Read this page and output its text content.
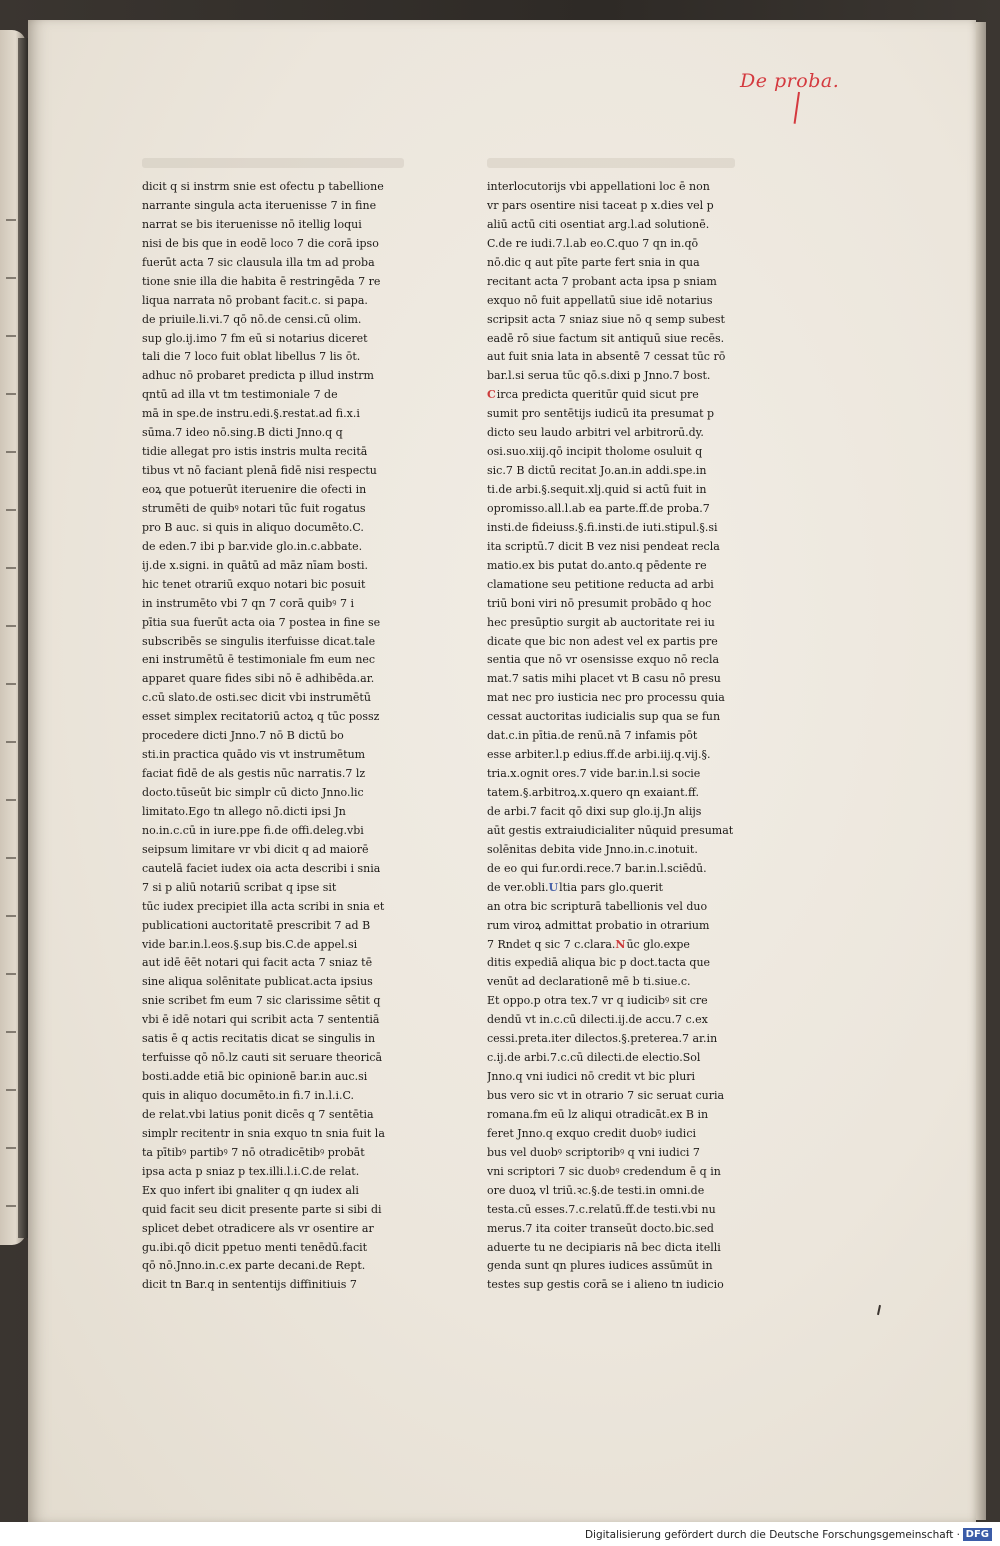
De proba.
dicit q si instrm snie est ofectu p tabellione
narrante singula acta iteruenisse 7 in fine
narrat se bis iteruenisse nō itellig loqui
nisi de bis que in eodē loco 7 die corā ipso
fuerūt acta 7 sic clausula illa tm ad proba
tione snie illa die habita ē restringēda 7 re
liqua narrata nō probant facit.c. si papa.
de priuile.li.vi.7 qō nō.de censi.cū olim.
sup glo.ij.imo 7 fm eū si notarius diceret
tali die 7 loco fuit oblat libellus 7 lis ōt.
adhuc nō probaret predicta p illud instrm
qntū ad illa vt tm testimoniale 7 de
mā in spe.de instru.edi.§.restat.ad fi.x.i
sūma.7 ideo nō.sing.B dicti Jnno.q q
tidie allegat pro istis instris multa recitā
tibus vt nō faciant plenā fidē nisi respectu
eoꝝ que potuerūt iteruenire die ofecti in
strumēti de quibꝰ notari tūc fuit rogatus
pro B auc. si quis in aliquo documēto.C.
de eden.7 ibi p bar.vide glo.in.c.abbate.
ij.de x.signi. in quātū ad māz nīam bosti.
hic tenet otrariū exquo notari bic posuit
in instrumēto vbi 7 qn 7 corā quibꝰ 7 i
pītia sua fuerūt acta oia 7 postea in fine se
subscribēs se singulis iterfuisse dicat.tale
eni instrumētū ē testimoniale fm eum nec
apparet quare fides sibi nō ē adhibēda.ar.
c.cū slato.de osti.sec dicit vbi instrumētū
esset simplex recitatoriū actoꝝ q tūc possz
procedere dicti Jnno.7 nō B dictū bo
sti.in practica quādo vis vt instrumētum
faciat fidē de als gestis nūc narratis.7 lz
docto.tūseūt bic simplr cū dicto Jnno.lic
limitato.Ego tn allego nō.dicti ipsi Jn
no.in.c.cū in iure.ppe fi.de offi.deleg.vbi
seipsum limitare vr vbi dicit q ad maiorē
cautelā faciet iudex oia acta describi i snia
7 si p aliū notariū scribat q ipse sit
tūc iudex precipiet illa acta scribi in snia et
publicationi auctoritatē prescribit 7 ad B
vide bar.in.l.eos.§.sup bis.C.de appel.si
aut idē ēēt notari qui facit acta 7 sniaz tē
sine aliqua solēnitate publicat.acta ipsius
snie scribet fm eum 7 sic clarissime sētit q
vbi ē idē notari qui scribit acta 7 sententiā
satis ē q actis recitatis dicat se singulis in
terfuisse qō nō.lz cauti sit seruare theoricā
bosti.adde etiā bic opinionē bar.in auc.si
quis in aliquo documēto.in fi.7 in.l.i.C.
de relat.vbi latius ponit dicēs q 7 sentētia
simplr recitentr in snia exquo tn snia fuit la
ta pītibꝰ partibꝰ 7 nō otradicētibꝰ probāt
ipsa acta p sniaz p tex.illi.l.i.C.de relat.
Ex quo infert ibi gnaliter q qn iudex ali
quid facit seu dicit presente parte si sibi di
splicet debet otradicere als vr osentire ar
gu.ibi.qō dicit ppetuo menti tenēdū.facit
qō nō.Jnno.in.c.ex parte decani.de Rept.
dicit tn Bar.q in sententijs diffinitiuis 7
interlocutorijs vbi appellationi loc ē non
vr pars osentire nisi taceat p x.dies vel p
aliū actū citi osentiat arg.l.ad solutionē.
C.de re iudi.7.l.ab eo.C.quo 7 qn in.qō
nō.dic q aut pīte parte fert snia in qua
recitant acta 7 probant acta ipsa p sniam
exquo nō fuit appellatū siue idē notarius
scripsit acta 7 sniaz siue nō q semp subest
eadē rō siue factum sit antiquū siue recēs.
aut fuit snia lata in absentē 7 cessat tūc rō
bar.l.si serua tūc qō.s.dixi p Jnno.7 bost.
Circa predicta queritūr quid sicut pre
sumit pro sentētijs iudicū ita presumat p
dicto seu laudo arbitri vel arbitrorū.dy.
osi.suo.xiij.qō incipit tholome osuluit q
sic.7 B dictū recitat Jo.an.in addi.spe.in
ti.de arbi.§.sequit.xlj.quid si actū fuit in
opromisso.all.l.ab ea parte.ff.de proba.7
insti.de fideiuss.§.fi.insti.de iuti.stipul.§.si
ita scriptū.7 dicit B vez nisi pendeat recla
matio.ex bis putat do.anto.q pēdente re
clamatione seu petitione reducta ad arbi
triū boni viri nō presumit probādo q hoc
hec presūptio surgit ab auctoritate rei iu
dicate que bic non adest vel ex partis pre
sentia que nō vr osensisse exquo nō recla
mat.7 satis mihi placet vt B casu nō presu
mat nec pro iusticia nec pro processu quia
cessat auctoritas iudicialis sup qua se fun
dat.c.in pītia.de renū.nā 7 infamis pōt
esse arbiter.l.p edius.ff.de arbi.iij.q.vij.§.
tria.x.ognit ores.7 vide bar.in.l.si socie
tatem.§.arbitroꝝ.x.quero qn exaiant.ff.
de arbi.7 facit qō dixi sup glo.ij.Jn alijs
aūt gestis extraiudicialiter nūquid presumat
solēnitas debita vide Jnno.in.c.inotuit.
de eo qui fur.ordi.rece.7 bar.in.l.sciēdū.
de ver.obli.Ultia pars glo.querit
an otra bic scripturā tabellionis vel duo
rum viroꝝ admittat probatio in otrarium
7 Rndet q sic 7 c.clara.Nūc glo.expe
ditis expediā aliqua bic p doct.tacta que
venūt ad declarationē mē b ti.siue.c.
Et oppo.p otra tex.7 vr q iudicibꝰ sit cre
dendū vt in.c.cū dilecti.ij.de accu.7 c.ex
cessi.preta.iter dilectos.§.preterea.7 ar.in
c.ij.de arbi.7.c.cū dilecti.de electio.Sol
Jnno.q vni iudici nō credit vt bic pluri
bus vero sic vt in otrario 7 sic seruat curia
romana.fm eū lz aliqui otradicāt.ex B in
feret Jnno.q exquo credit duobꝰ iudici
bus vel duobꝰ scriptoribꝰ q vni iudici 7
vni scriptori 7 sic duobꝰ credendum ē q in
ore duoꝝ vl triū.ꝛc.§.de testi.in omni.de
testa.cū esses.7.c.relatū.ff.de testi.vbi nu
merus.7 ita coiter transeūt docto.bic.sed
aduerte tu ne decipiaris nā bec dicta itelli
genda sunt qn plures iudices assūmūt in
testes sup gestis corā se i alieno tn iudicio
Digitalisierung gefördert durch die Deutsche Forschungsgemeinschaft · DFG
